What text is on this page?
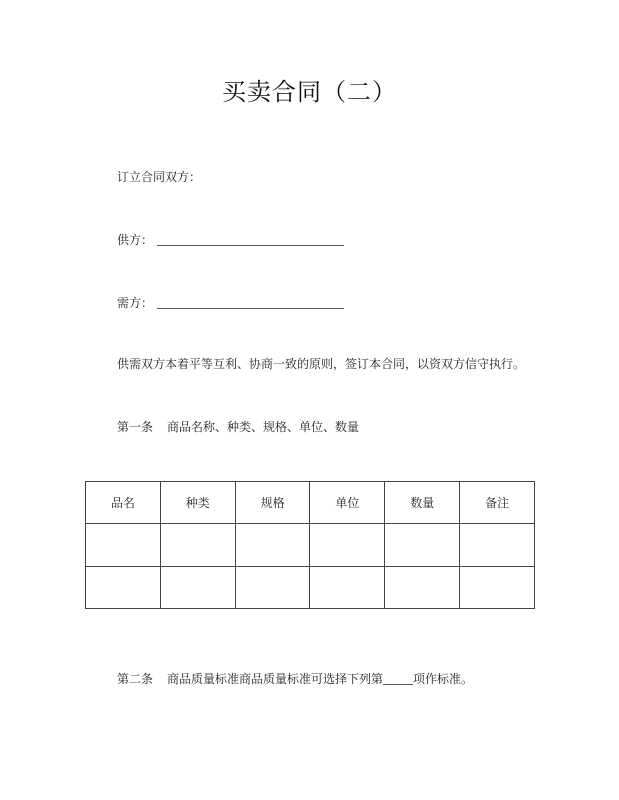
买卖合同（二）
订立合同双方：
供方：
需方：
供需双方本着平等互利、协商一致的原则，签订本合同，以资双方信守执行。
第一条 商品名称、种类、规格、单位、数量
品名	种类	规格	单位	数量	备注

第二条 商品质量标准商品质量标准可选择下列第	项作标准。
